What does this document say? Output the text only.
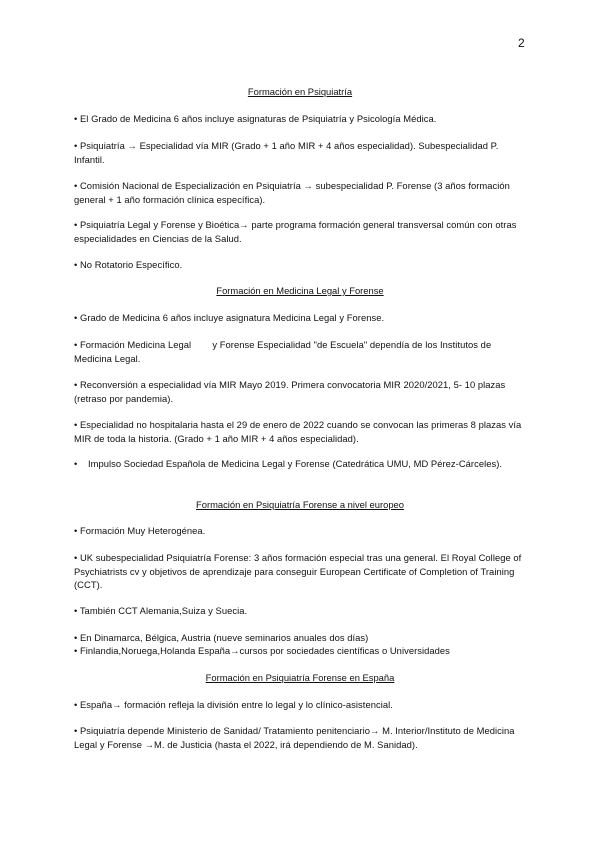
2

Formación en Psiquiatría

• El Grado de Medicina 6 años incluye asignaturas de Psiquiatría y Psicología Médica.

• Psiquiatría → Especialidad vía MIR (Grado + 1 año MIR + 4 años especialidad). Subespecialidad P. Infantil.

• Comisión Nacional de Especialización en Psiquiatría → subespecialidad P. Forense (3 años formación general + 1 año formación clínica específica).

• Psiquiatría Legal y Forense y Bioética→ parte programa formación general transversal común con otras especialidades en Ciencias de la Salud.

• No Rotatorio Específico.

Formación en Medicina Legal y Forense

• Grado de Medicina 6 años incluye asignatura Medicina Legal y Forense.

• Formación Medicina Legal        y Forense Especialidad "de Escuela" dependía de los Institutos de Medicina Legal.

• Reconversión a especialidad vía MIR Mayo 2019. Primera convocatoria MIR 2020/2021, 5- 10 plazas (retraso por pandemia).

• Especialidad no hospitalaria hasta el 29 de enero de 2022 cuando se convocan las primeras 8 plazas vía MIR de toda la historia. (Grado + 1 año MIR + 4 años especialidad).

•    Impulso Sociedad Española de Medicina Legal y Forense (Catedrática UMU, MD Pérez-Cárceles).

Formación en Psiquiatría Forense a nivel europeo

• Formación Muy Heterogénea.

• UK subespecialidad Psiquiatría Forense: 3 años formación especial tras una general. El Royal College of Psychiatrists cv y objetivos de aprendizaje para conseguir European Certificate of Completion of Training (CCT).

• También CCT Alemania,Suiza y Suecia.

• En Dinamarca, Bélgica, Austria (nueve seminarios anuales dos días)

• Finlandia,Noruega,Holanda España→cursos por sociedades científicas o Universidades

Formación en Psiquiatría Forense en España

• España→ formación refleja la división entre lo legal y lo clínico-asistencial.

• Psiquiatría depende Ministerio de Sanidad/ Tratamiento penitenciario→ M. Interior/Instituto de Medicina Legal y Forense →M. de Justicia (hasta el 2022, irá dependiendo de M. Sanidad).
